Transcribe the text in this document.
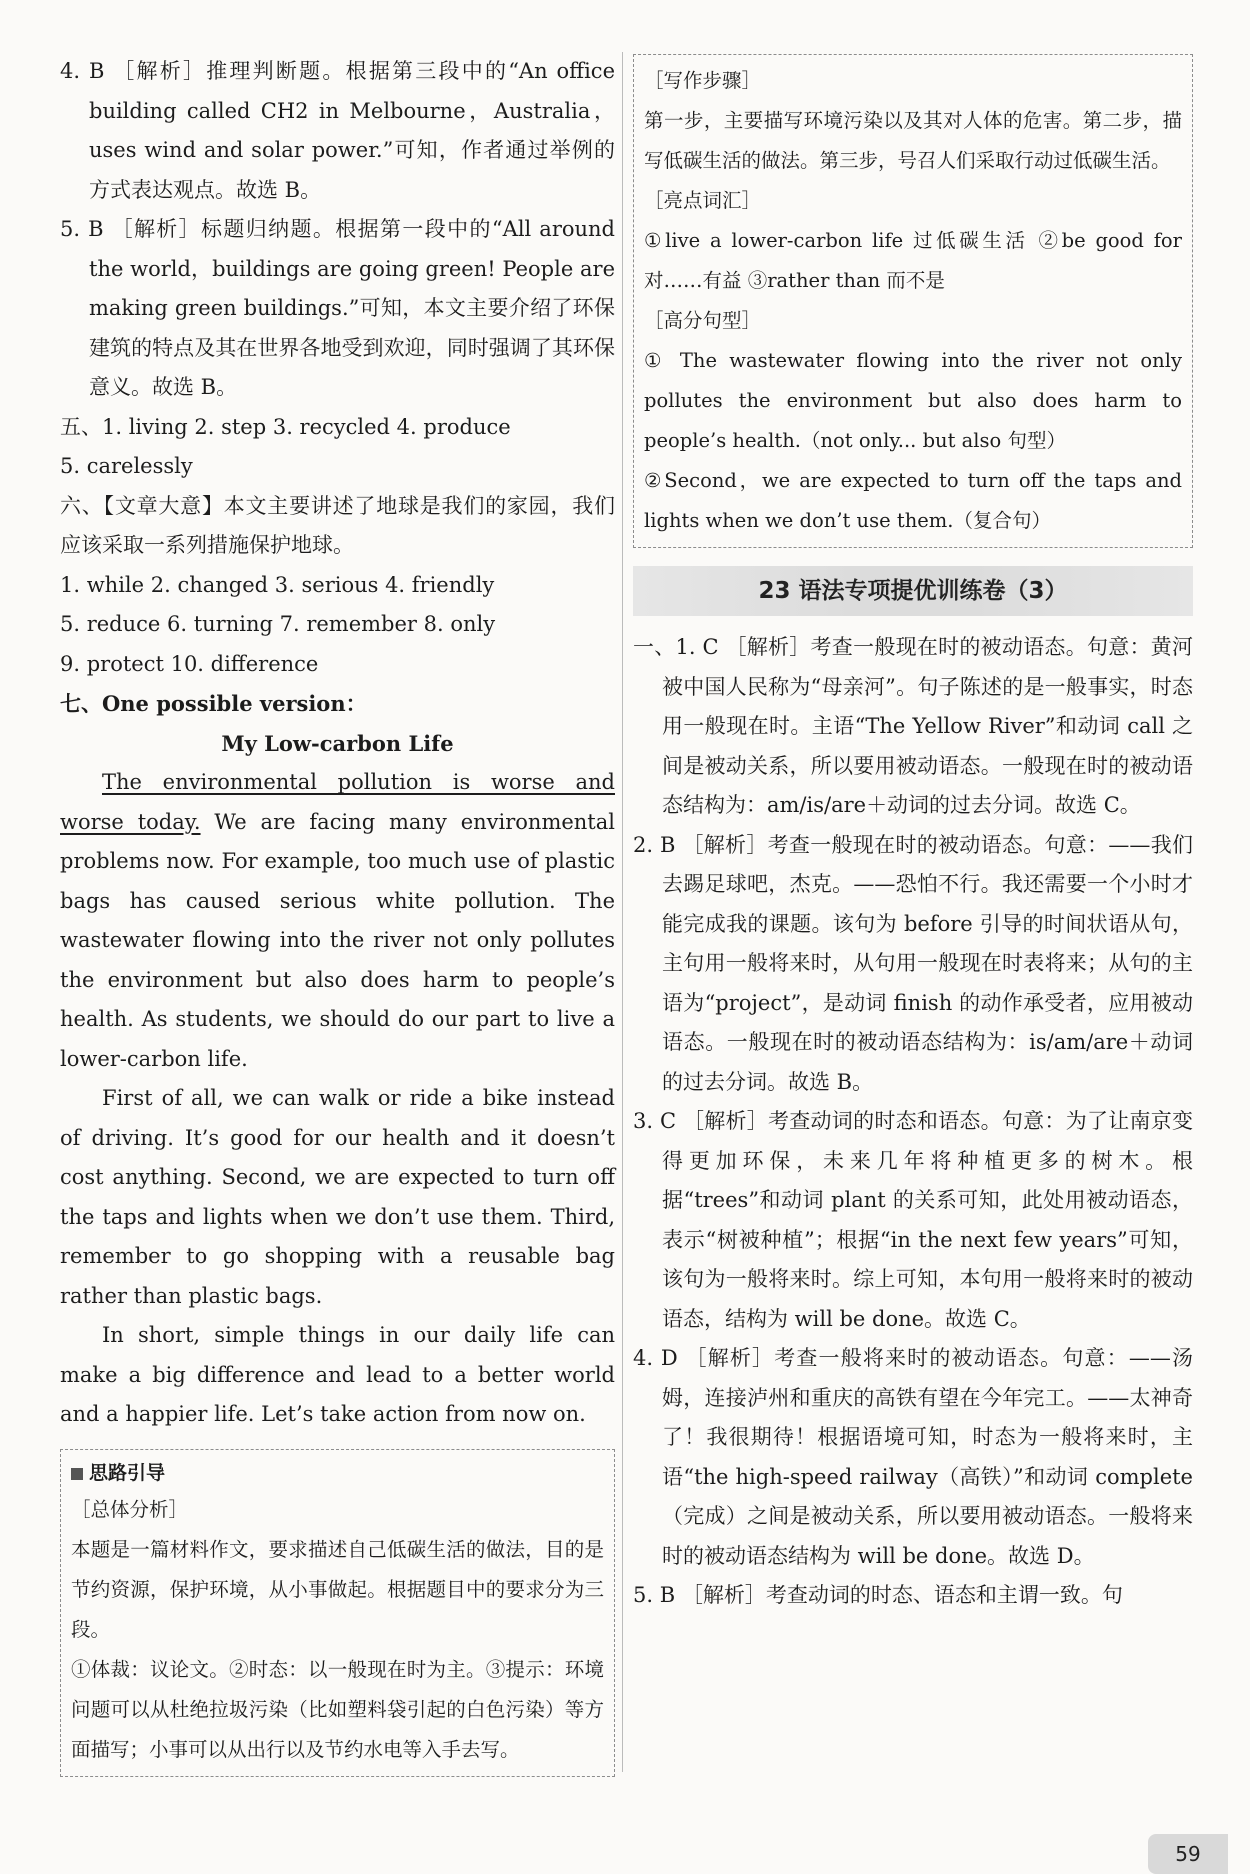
4. B ［解析］推理判断题。根据第三段中的“An office building called CH2 in Melbourne，Australia，uses wind and solar power.”可知，作者通过举例的方式表达观点。故选 B。

5. B ［解析］标题归纳题。根据第一段中的“All around the world，buildings are going green! People are making green buildings.”可知，本文主要介绍了环保建筑的特点及其在世界各地受到欢迎，同时强调了其环保意义。故选 B。

五、1. living 2. step 3. recycled 4. produce

5. carelessly

六、【文章大意】本文主要讲述了地球是我们的家园，我们应该采取一系列措施保护地球。

1. while 2. changed 3. serious 4. friendly

5. reduce 6. turning 7. remember 8. only

9. protect 10. difference

七、One possible version：

My Low-carbon Life

The environmental pollution is worse and worse today. We are facing many environmental problems now. For example, too much use of plastic bags has caused serious white pollution. The wastewater flowing into the river not only pollutes the environment but also does harm to people’s health. As students, we should do our part to live a lower-carbon life.

First of all, we can walk or ride a bike instead of driving. It’s good for our health and it doesn’t cost anything. Second, we are expected to turn off the taps and lights when we don’t use them. Third, remember to go shopping with a reusable bag rather than plastic bags.

In short, simple things in our daily life can make a big difference and lead to a better world and a happier life. Let’s take action from now on.

思路引导

［总体分析］

本题是一篇材料作文，要求描述自己低碳生活的做法，目的是节约资源，保护环境，从小事做起。根据题目中的要求分为三段。

①体裁：议论文。②时态：以一般现在时为主。③提示：环境问题可以从杜绝拉圾污染（比如塑料袋引起的白色污染）等方面描写；小事可以从出行以及节约水电等入手去写。

［写作步骤］

第一步，主要描写环境污染以及其对人体的危害。第二步，描写低碳生活的做法。第三步，号召人们采取行动过低碳生活。

［亮点词汇］

①live a lower-carbon life 过低碳生活 ②be good for 对……有益 ③rather than 而不是

［高分句型］

① The wastewater flowing into the river not only pollutes the environment but also does harm to people’s health.（not only... but also 句型）

②Second，we are expected to turn off the taps and lights when we don’t use them.（复合句）

23 语法专项提优训练卷（3）

一、1. C ［解析］考查一般现在时的被动语态。句意：黄河被中国人民称为“母亲河”。句子陈述的是一般事实，时态用一般现在时。主语“The Yellow River”和动词 call 之间是被动关系，所以要用被动语态。一般现在时的被动语态结构为：am/is/are＋动词的过去分词。故选 C。

2. B ［解析］考查一般现在时的被动语态。句意：——我们去踢足球吧，杰克。——恐怕不行。我还需要一个小时才能完成我的课题。该句为 before 引导的时间状语从句，主句用一般将来时，从句用一般现在时表将来；从句的主语为“project”，是动词 finish 的动作承受者，应用被动语态。一般现在时的被动语态结构为：is/am/are＋动词的过去分词。故选 B。

3. C ［解析］考查动词的时态和语态。句意：为了让南京变得更加环保，未来几年将种植更多的树木。根据“trees”和动词 plant 的关系可知，此处用被动语态，表示“树被种植”；根据“in the next few years”可知，该句为一般将来时。综上可知，本句用一般将来时的被动语态，结构为 will be done。故选 C。

4. D ［解析］考查一般将来时的被动语态。句意：——汤姆，连接泸州和重庆的高铁有望在今年完工。——太神奇了！我很期待！根据语境可知，时态为一般将来时，主语“the high-speed railway（高铁）”和动词 complete（完成）之间是被动关系，所以要用被动语态。一般将来时的被动语态结构为 will be done。故选 D。

5. B ［解析］考查动词的时态、语态和主谓一致。句

59
